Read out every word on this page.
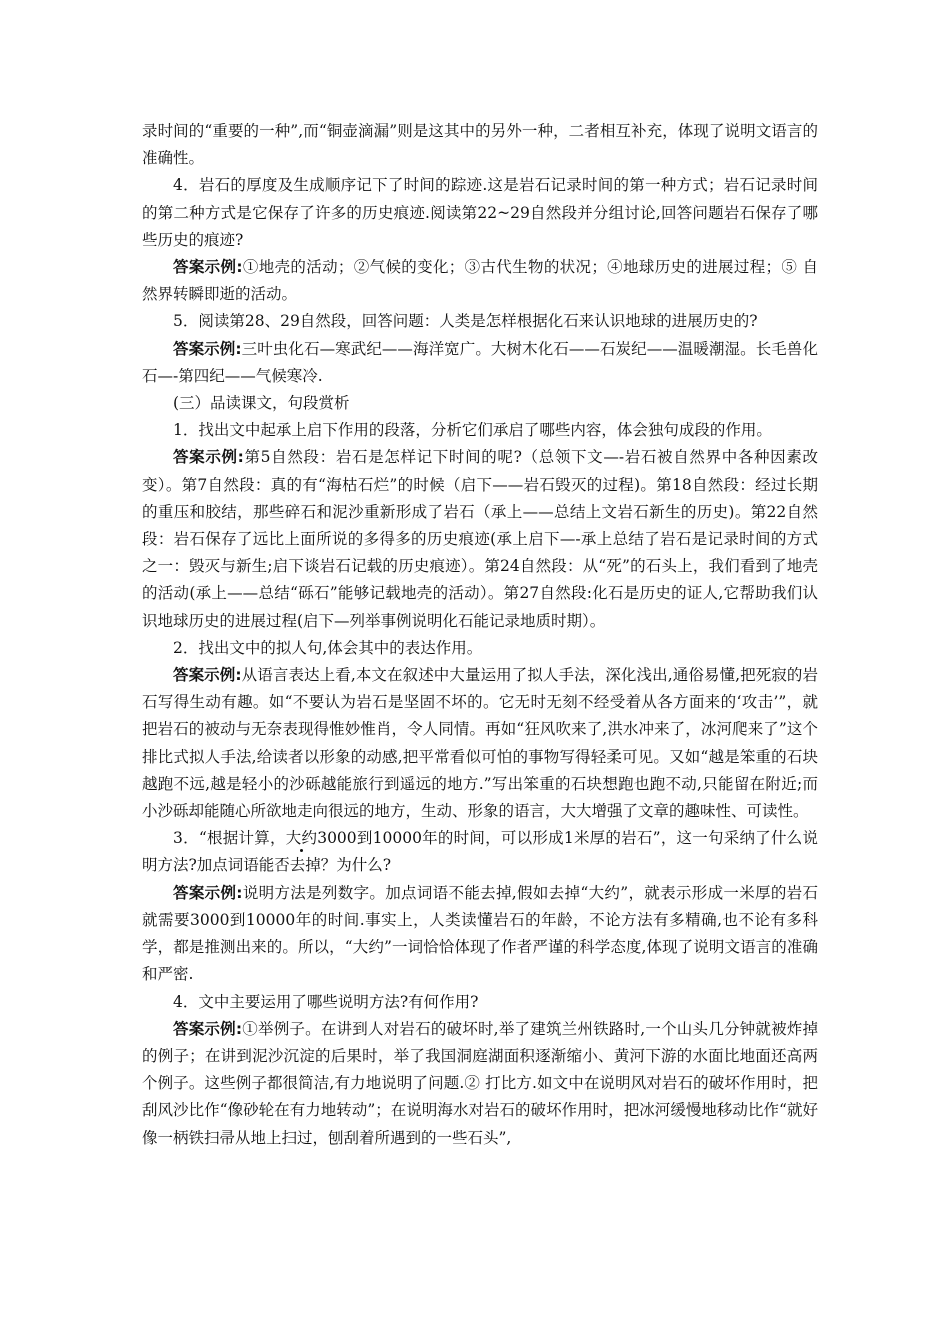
录时间的“重要的一种”,而“铜壶滴漏”则是这其中的另外一种，二者相互补充，体现了说明文语言的准确性。

4．岩石的厚度及生成顺序记下了时间的踪迹.这是岩石记录时间的第一种方式；岩石记录时间的第二种方式是它保存了许多的历史痕迹.阅读第22~29自然段并分组讨论,回答问题岩石保存了哪些历史的痕迹?

答案示例:①地壳的活动；②气候的变化；③古代生物的状况；④地球历史的进展过程；⑤ 自然界转瞬即逝的活动。

5．阅读第28、29自然段，回答问题：人类是怎样根据化石来认识地球的进展历史的?

答案示例:三叶虫化石—寒武纪——海洋宽广。大树木化石——石炭纪——温暖潮湿。长毛兽化石—-第四纪——气候寒冷.

(三）品读课文，句段赏析

1．找出文中起承上启下作用的段落，分析它们承启了哪些内容，体会独句成段的作用。

答案示例:第5自然段：岩石是怎样记下时间的呢?（总领下文—-岩石被自然界中各种因素改变）。第7自然段：真的有“海枯石烂”的时候（启下——岩石毁灭的过程)。第18自然段：经过长期的重压和胶结，那些碎石和泥沙重新形成了岩石（承上——总结上文岩石新生的历史)。第22自然段：岩石保存了远比上面所说的多得多的历史痕迹(承上启下—-承上总结了岩石是记录时间的方式之一：毁灭与新生;启下谈岩石记载的历史痕迹）。第24自然段：从“死”的石头上，我们看到了地壳的活动(承上——总结“砾石”能够记载地壳的活动）。第27自然段:化石是历史的证人,它帮助我们认识地球历史的进展过程(启下—列举事例说明化石能记录地质时期）。

2．找出文中的拟人句,体会其中的表达作用。

答案示例:从语言表达上看,本文在叙述中大量运用了拟人手法，深化浅出,通俗易懂,把死寂的岩石写得生动有趣。如“不要认为岩石是坚固不坏的。它无时无刻不经受着从各方面来的‘攻击’”，就把岩石的被动与无奈表现得惟妙惟肖，令人同情。再如“狂风吹来了,洪水冲来了，冰河爬来了”这个排比式拟人手法,给读者以形象的动感,把平常看似可怕的事物写得轻柔可见。又如“越是笨重的石块越跑不远,越是轻小的沙砾越能旅行到遥远的地方.”写出笨重的石块想跑也跑不动,只能留在附近;而小沙砾却能随心所欲地走向很远的地方，生动、形象的语言，大大增强了文章的趣味性、可读性。

3．“根据计算，大约3000到10000年的时间，可以形成1米厚的岩石”，这一句采纳了什么说明方法?加点词语能否去掉？为什么?

答案示例:说明方法是列数字。加点词语不能去掉,假如去掉“大约”，就表示形成一米厚的岩石就需要3000到10000年的时间.事实上，人类读懂岩石的年龄，不论方法有多精确,也不论有多科学，都是推测出来的。所以，“大约”一词恰恰体现了作者严谨的科学态度,体现了说明文语言的准确和严密.

4．文中主要运用了哪些说明方法?有何作用?

答案示例:①举例子。在讲到人对岩石的破坏时,举了建筑兰州铁路时,一个山头几分钟就被炸掉的例子；在讲到泥沙沉淀的后果时，举了我国洞庭湖面积逐渐缩小、黄河下游的水面比地面还高两个例子。这些例子都很简洁,有力地说明了问题.② 打比方.如文中在说明风对岩石的破坏作用时，把刮风沙比作“像砂轮在有力地转动”；在说明海水对岩石的破坏作用时，把冰河缓慢地移动比作“就好像一柄铁扫帚从地上扫过，刨刮着所遇到的一些石头”,
